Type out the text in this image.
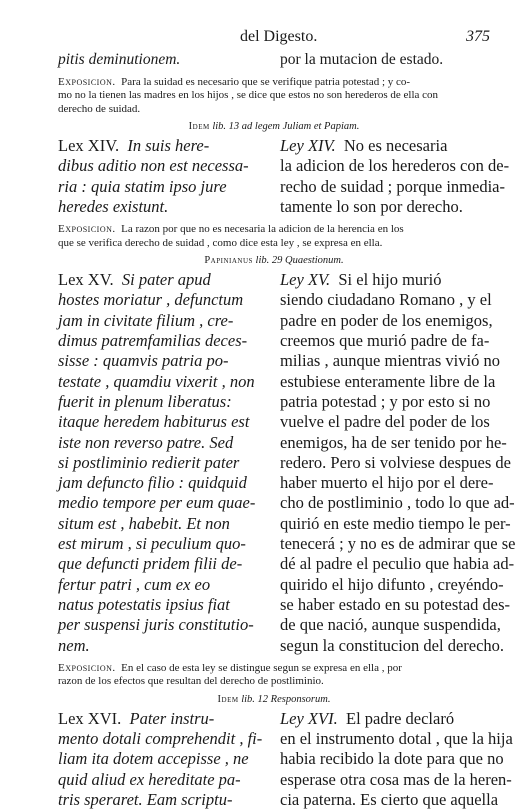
del Digesto.	375
pitis deminutionem.	por la mutacion de estado.
Exposicion. Para la suidad es necesario que se verifique patria potestad ; y co-
mo no la tienen las madres en los hijos , se dice que estos no son herederos de ella con
derecho de suidad.
Idem lib. 13 ad legem Juliam et Papiam.
Lex XIV. In suis here-
dibus aditio non est necessa-
ria : quia statim ipso jure
heredes existunt.
Ley XIV. No es necesaria
la adicion de los herederos con de-
recho de suidad ; porque inmedia-
tamente lo son por derecho.
Exposicion. La razon por que no es necesaria la adicion de la herencia en los
que se verifica derecho de suidad , como dice esta ley , se expresa en ella.
Papinianus lib. 29 Quaestionum.
Lex XV. Si pater apud
hostes moriatur , defunctum
jam in civitate filium , cre-
dimus patremfamilias deces-
sisse : quamvis patria po-
testate , quamdiu vixerit , non
fuerit in plenum liberatus:
itaque heredem habiturus est
iste non reverso patre. Sed
si postliminio redierit pater
jam defuncto filio : quidquid
medio tempore per eum quae-
situm est , habebit. Et non
est mirum , si peculium quo-
que defuncti pridem filii de-
fertur patri , cum ex eo
natus potestatis ipsius fiat
per suspensi juris constitutio-
nem.
Ley XV. Si el hijo murió
siendo ciudadano Romano , y el
padre en poder de los enemigos,
creemos que murió padre de fa-
milias , aunque mientras vivió no
estubiese enteramente libre de la
patria potestad ; y por esto si no
vuelve el padre del poder de los
enemigos, ha de ser tenido por he-
redero. Pero si volviese despues de
haber muerto el hijo por el dere-
cho de postliminio , todo lo que ad-
quirió en este medio tiempo le per-
tenecerá ; y no es de admirar que se
dé al padre el peculio que habia ad-
quirido el hijo difunto , creyéndo-
se haber estado en su potestad des-
de que nació, aunque suspendida,
segun la constitucion del derecho.
Exposicion. En el caso de esta ley se distingue segun se expresa en ella , por
razon de los efectos que resultan del derecho de postliminio.
Idem lib. 12 Responsorum.
Lex XVI. Pater instru-
mento dotali comprehendit , fi-
liam ita dotem accepisse , ne
quid aliud ex hereditate pa-
tris speraret. Eam scriptu-
Ley XVI. El padre declaró
en el instrumento dotal , que la hija
habia recibido la dote para que no
esperase otra cosa mas de la heren-
cia paterna. Es cierto que aquella
